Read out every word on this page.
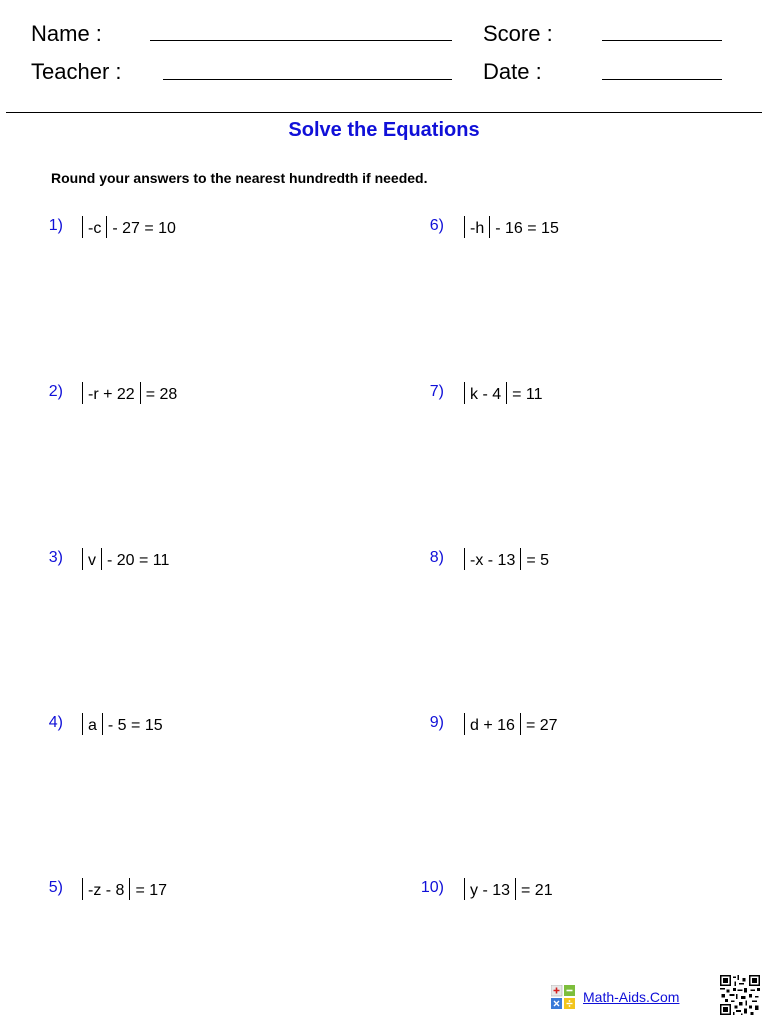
Name :
Teacher :
Score :
Date :
Solve the Equations
Round your answers to the nearest hundredth if needed.
1)	-c - 27 = 10
2)	-r + 22 = 28
3)	v - 20 = 11
4)	a - 5 = 15
5)	-z - 8 = 17
6)	-h - 16 = 15
7)	k - 4 = 11
8)	-x - 13 = 5
9)	d + 16 = 27
10)	y - 13 = 21
Math-Aids.Com
